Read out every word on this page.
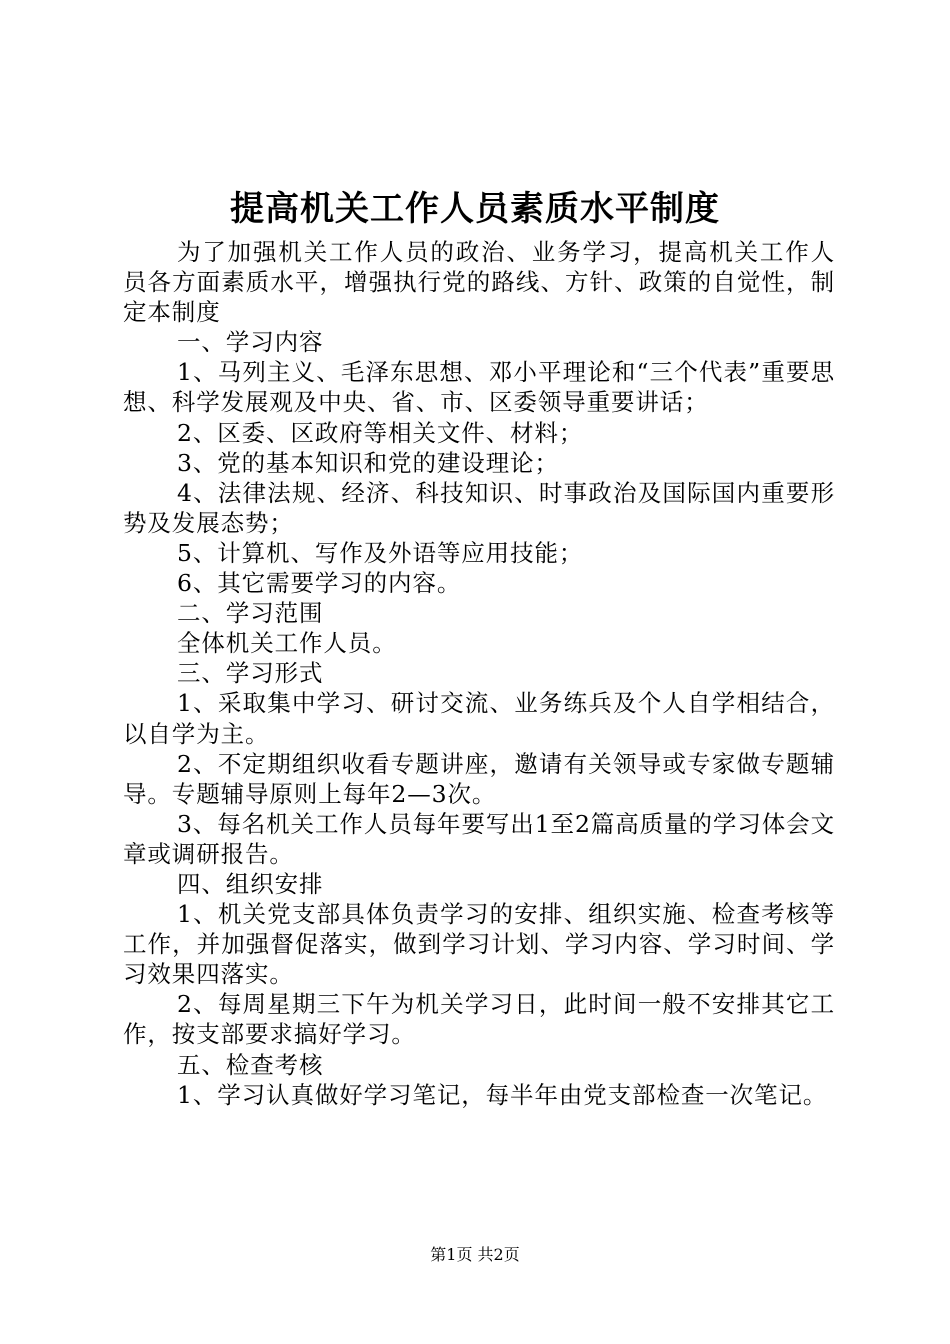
提高机关工作人员素质水平制度

为了加强机关工作人员的政治、业务学习，提高机关工作人员各方面素质水平，增强执行党的路线、方针、政策的自觉性，制定本制度

一、学习内容

1、马列主义、毛泽东思想、邓小平理论和“三个代表”重要思想、科学发展观及中央、省、市、区委领导重要讲话；

2、区委、区政府等相关文件、材料；

3、党的基本知识和党的建设理论；

4、法律法规、经济、科技知识、时事政治及国际国内重要形势及发展态势；

5、计算机、写作及外语等应用技能；

6、其它需要学习的内容。

二、学习范围

全体机关工作人员。

三、学习形式

1、采取集中学习、研讨交流、业务练兵及个人自学相结合，以自学为主。

2、不定期组织收看专题讲座，邀请有关领导或专家做专题辅导。专题辅导原则上每年2—3次。

3、每名机关工作人员每年要写出1至2篇高质量的学习体会文章或调研报告。

四、组织安排

1、机关党支部具体负责学习的安排、组织实施、检查考核等工作，并加强督促落实，做到学习计划、学习内容、学习时间、学习效果四落实。

2、每周星期三下午为机关学习日，此时间一般不安排其它工作，按支部要求搞好学习。

五、检查考核

1、学习认真做好学习笔记，每半年由党支部检查一次笔记。

第1页 共2页
